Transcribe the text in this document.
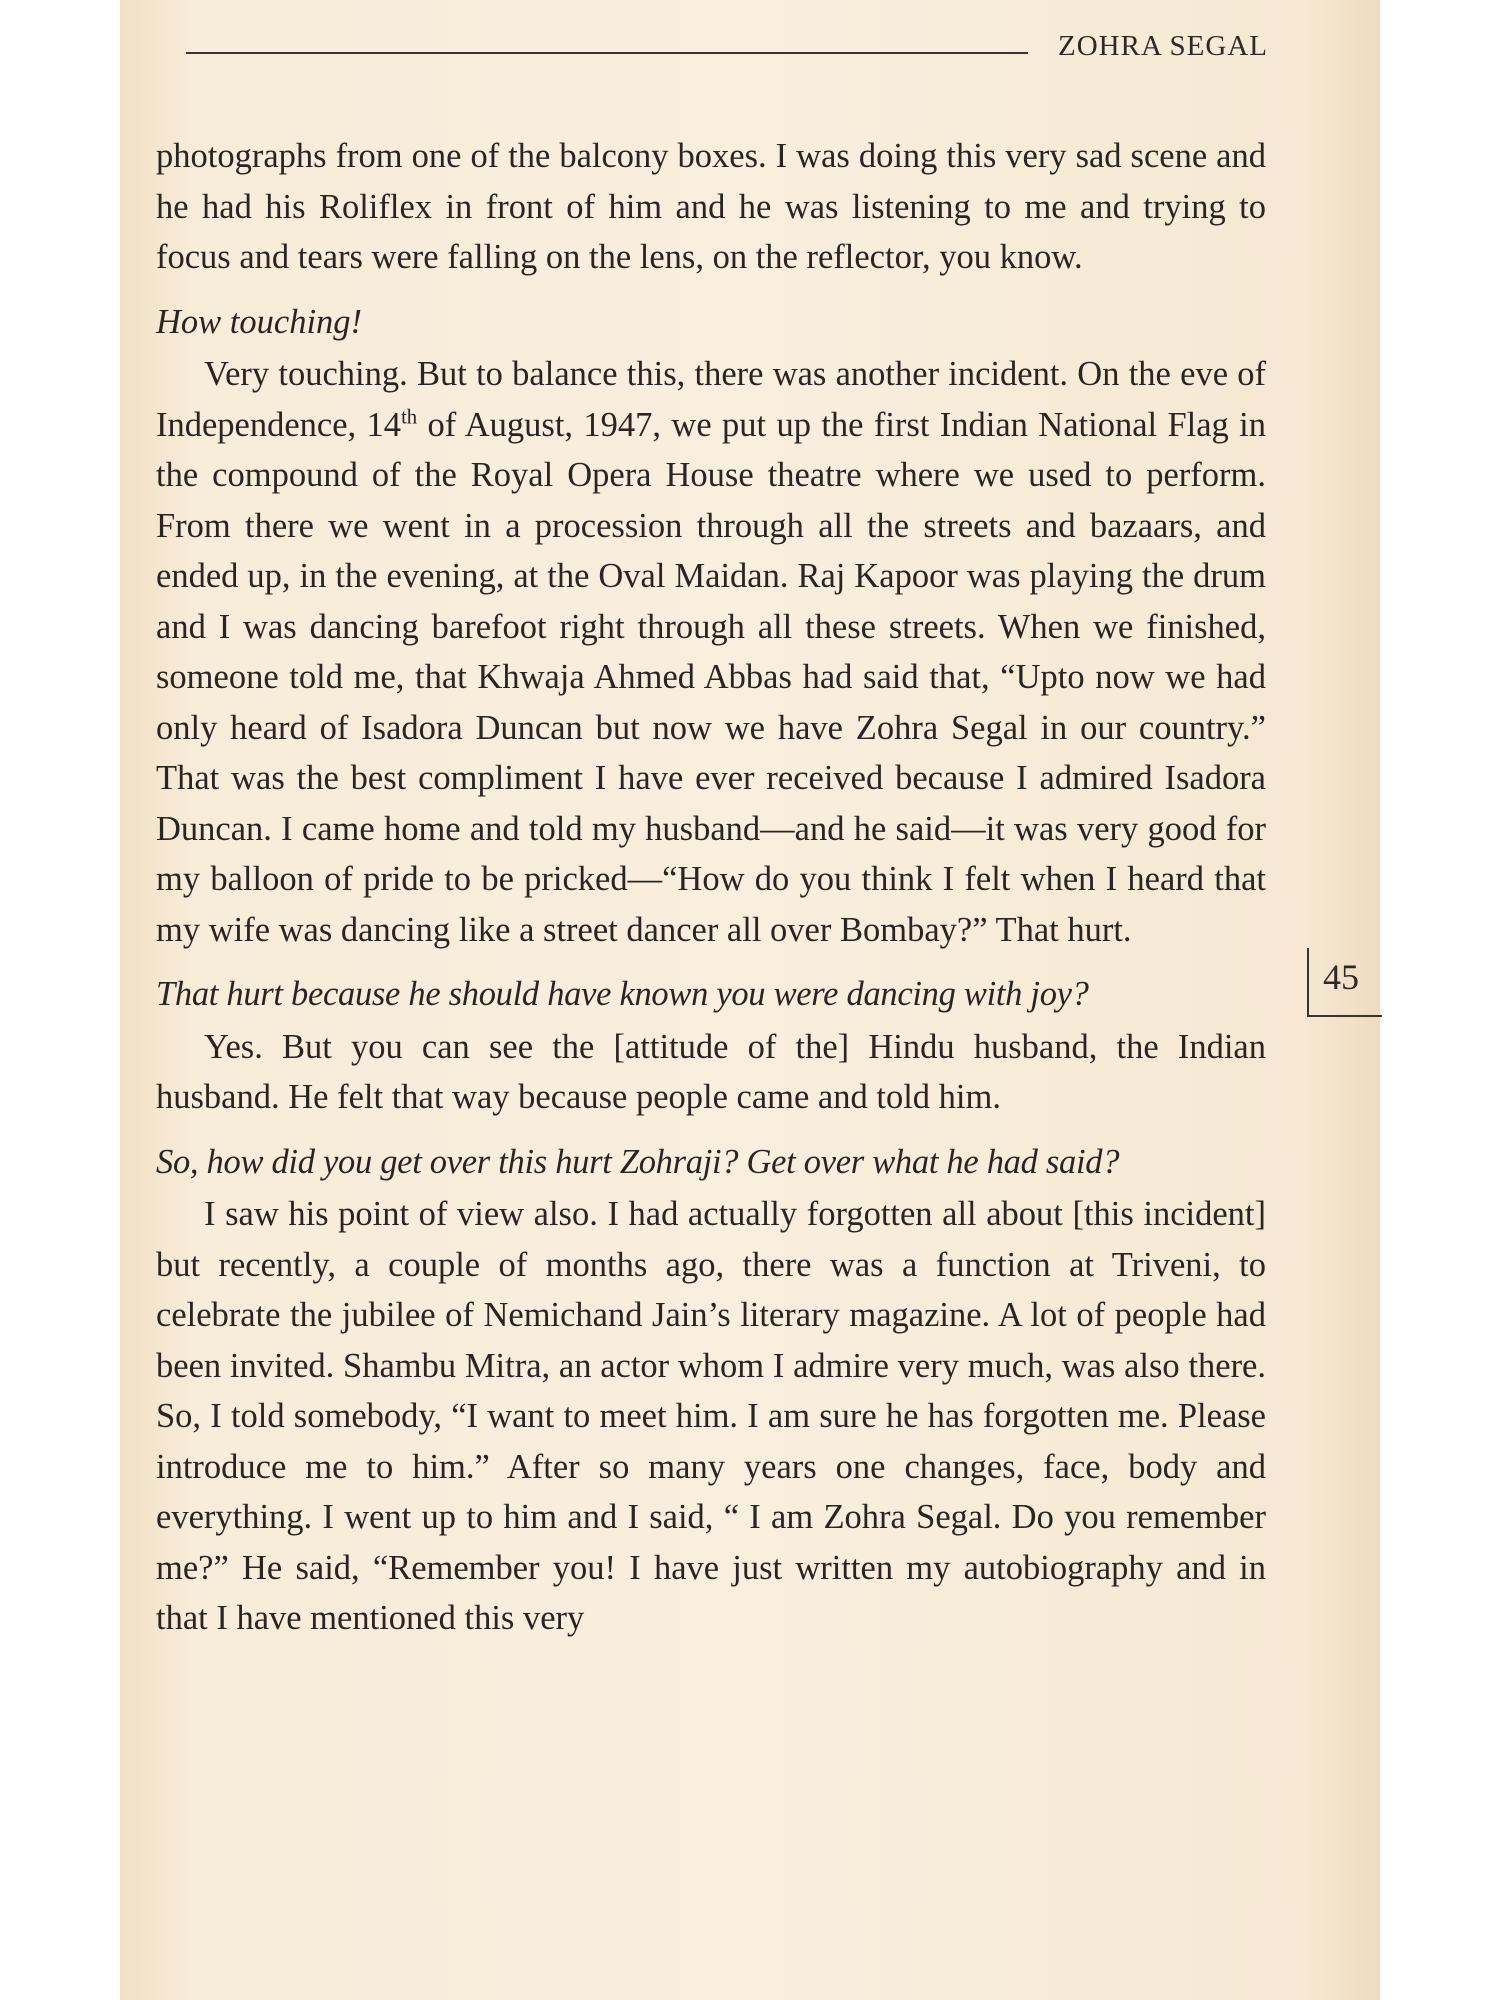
ZOHRA SEGAL

photographs from one of the balcony boxes. I was doing this very sad scene and he had his Roliflex in front of him and he was listening to me and trying to focus and tears were falling on the lens, on the reflector, you know.

How touching!

Very touching. But to balance this, there was another incident. On the eve of Independence, 14th of August, 1947, we put up the first Indian National Flag in the compound of the Royal Opera House theatre where we used to perform. From there we went in a procession through all the streets and bazaars, and ended up, in the evening, at the Oval Maidan. Raj Kapoor was playing the drum and I was dancing barefoot right through all these streets. When we finished, someone told me, that Khwaja Ahmed Abbas had said that, “Upto now we had only heard of Isadora Duncan but now we have Zohra Segal in our country.” That was the best compliment I have ever received because I admired Isadora Duncan. I came home and told my husband—and he said—it was very good for my balloon of pride to be pricked—“How do you think I felt when I heard that my wife was dancing like a street dancer all over Bombay?” That hurt.

That hurt because he should have known you were dancing with joy?

Yes. But you can see the [attitude of the] Hindu husband, the Indian husband. He felt that way because people came and told him.

So, how did you get over this hurt Zohraji? Get over what he had said?

I saw his point of view also. I had actually forgotten all about [this incident] but recently, a couple of months ago, there was a function at Triveni, to celebrate the jubilee of Nemichand Jain’s literary magazine. A lot of people had been invited. Shambu Mitra, an actor whom I admire very much, was also there. So, I told somebody, “I want to meet him. I am sure he has forgotten me. Please introduce me to him.” After so many years one changes, face, body and everything. I went up to him and I said, “ I am Zohra Segal. Do you remember me?” He said, “Remember you! I have just written my autobiography and in that I have mentioned this very

45
